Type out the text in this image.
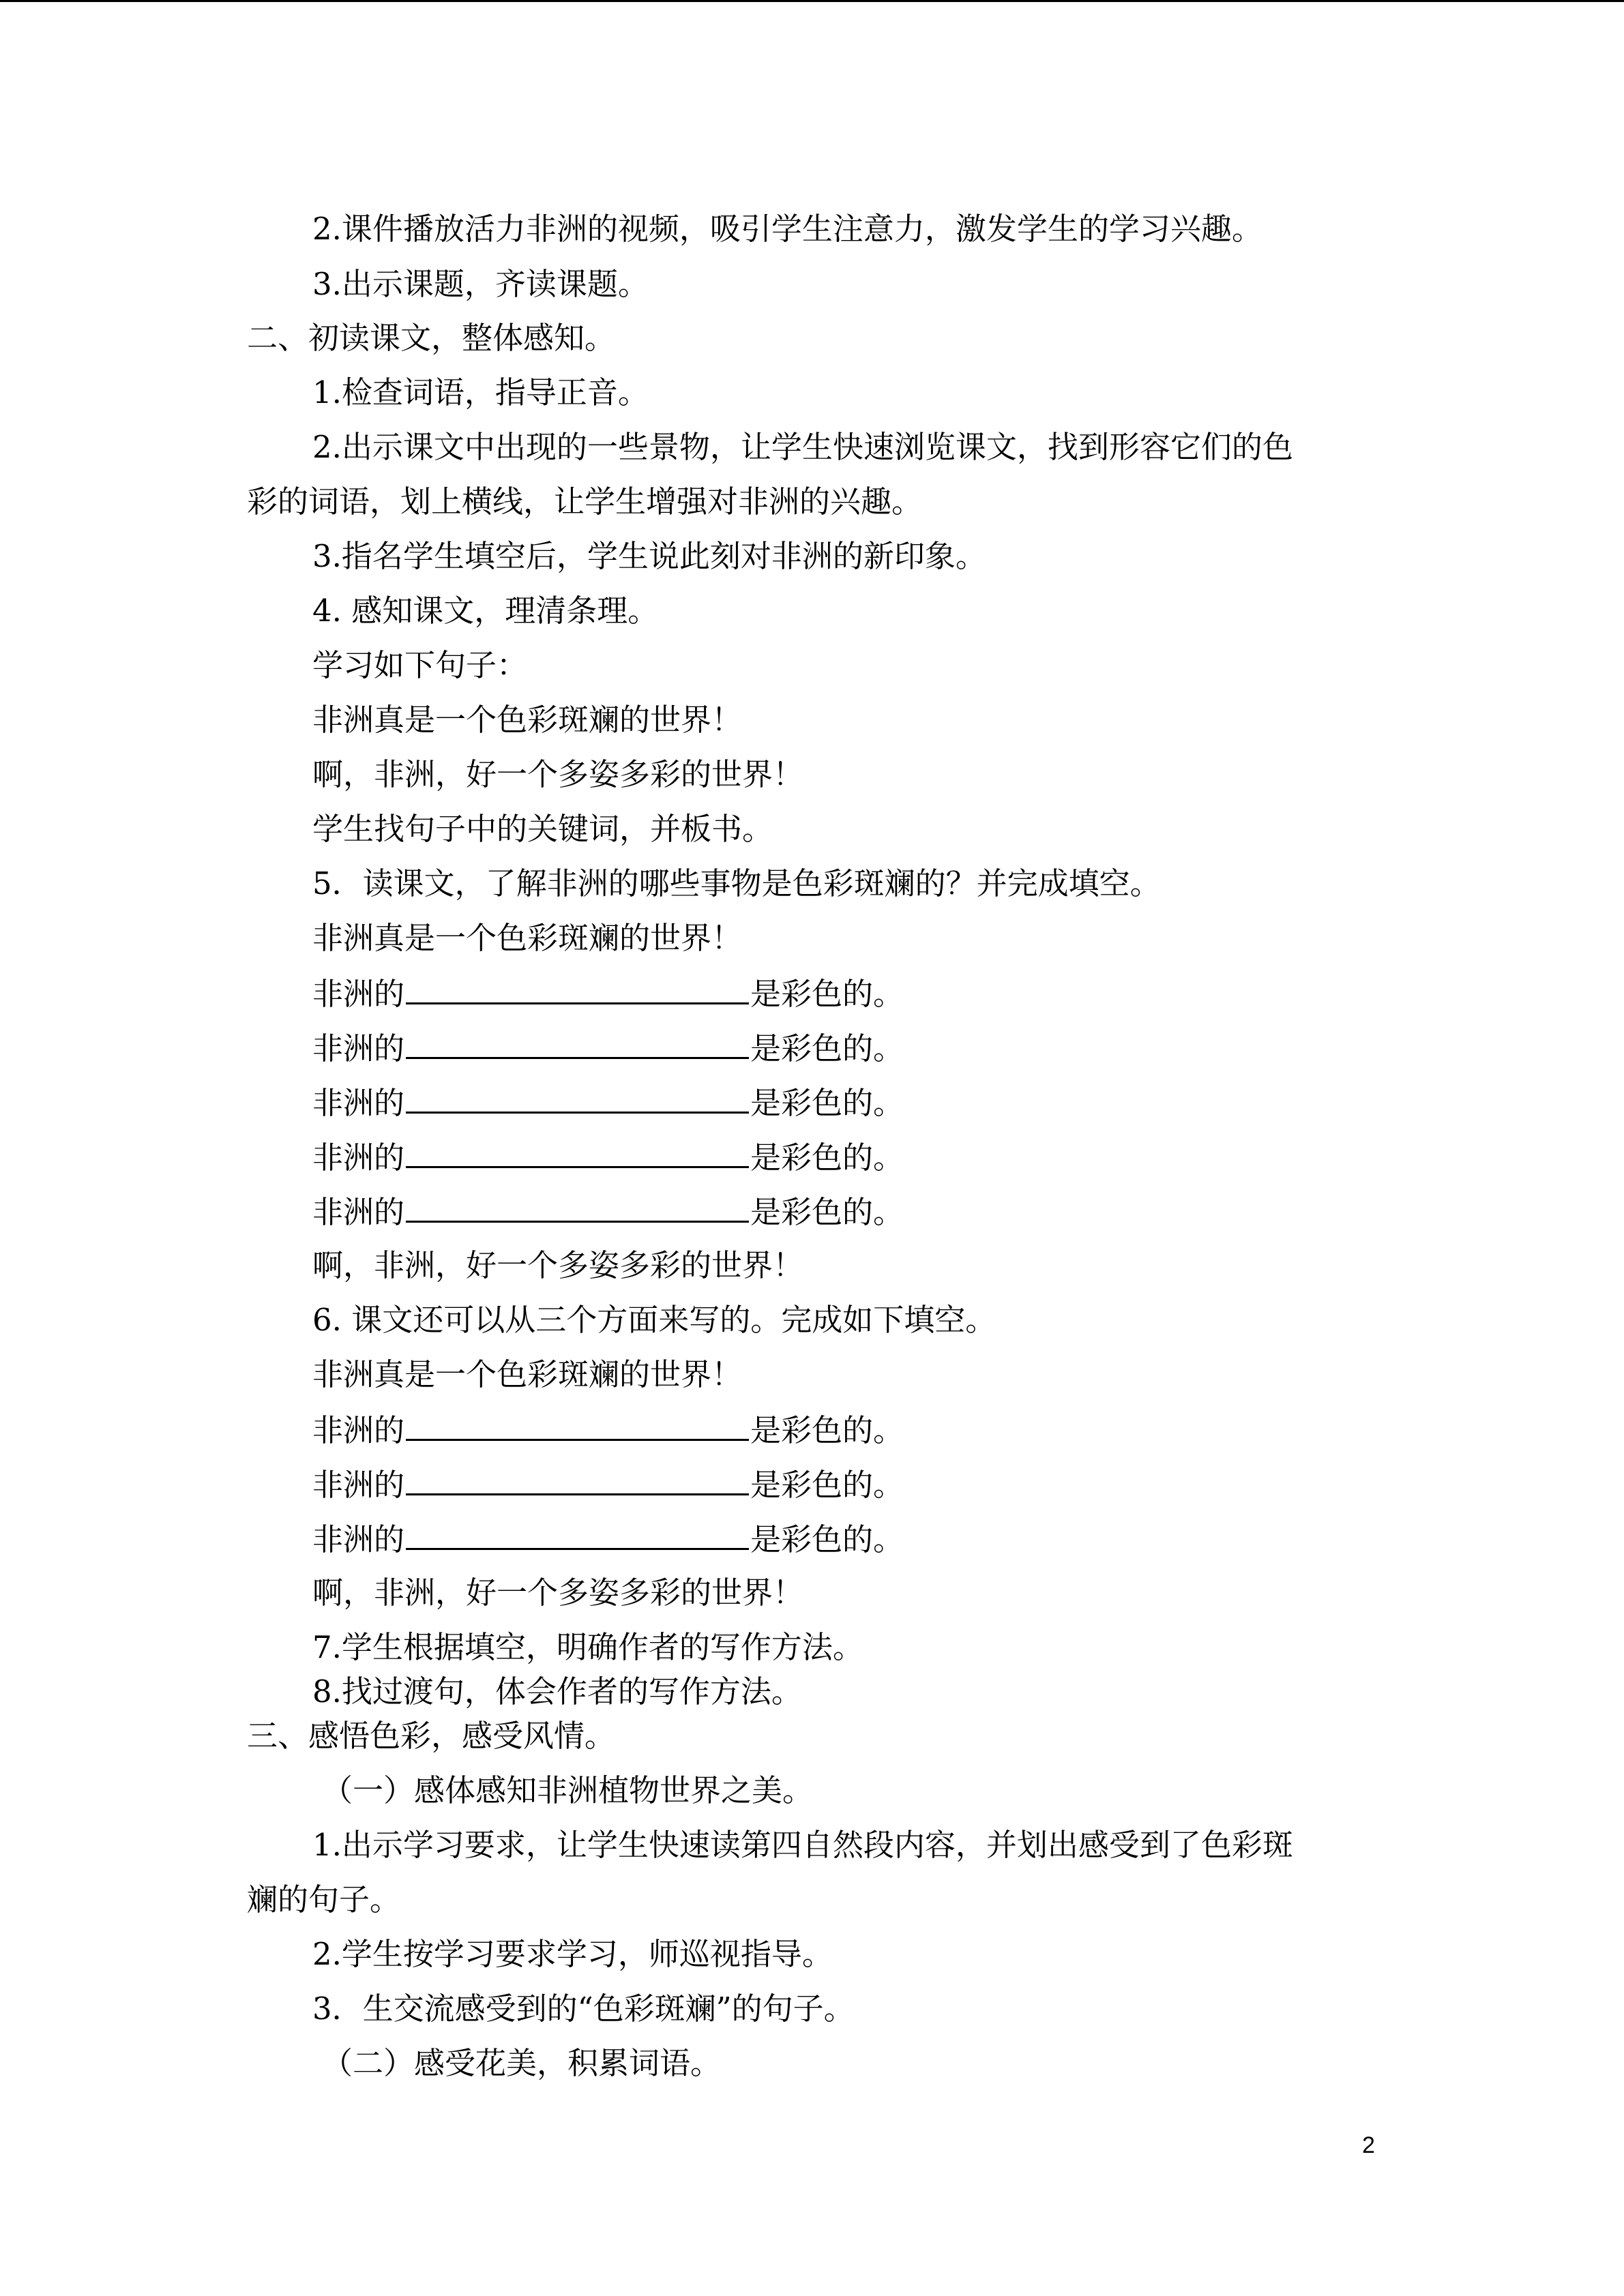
2.课件播放活力非洲的视频，吸引学生注意力，激发学生的学习兴趣。
3.出示课题，齐读课题。
二、初读课文，整体感知。
1.检查词语，指导正音。
2.出示课文中出现的一些景物，让学生快速浏览课文，找到形容它们的色
彩的词语，划上横线，让学生增强对非洲的兴趣。
3.指名学生填空后，学生说此刻对非洲的新印象。
4. 感知课文，理清条理。
学习如下句子：
非洲真是一个色彩斑斓的世界！
啊，非洲，好一个多姿多彩的世界！
学生找句子中的关键词，并板书。
5．读课文，了解非洲的哪些事物是色彩斑斓的？并完成填空。
非洲真是一个色彩斑斓的世界！
非洲的	是彩色的。
非洲的	是彩色的。
非洲的	是彩色的。
非洲的	是彩色的。
非洲的	是彩色的。
啊，非洲，好一个多姿多彩的世界！
6. 课文还可以从三个方面来写的。完成如下填空。
非洲真是一个色彩斑斓的世界！
非洲的	是彩色的。
非洲的	是彩色的。
非洲的	是彩色的。
啊，非洲，好一个多姿多彩的世界！
7.学生根据填空，明确作者的写作方法。
8.找过渡句，体会作者的写作方法。
三、感悟色彩，感受风情。
（一）感体感知非洲植物世界之美。
1.出示学习要求，让学生快速读第四自然段内容，并划出感受到了色彩斑
斓的句子。
2.学生按学习要求学习，师巡视指导。
3．生交流感受到的“色彩斑斓”的句子。
（二）感受花美，积累词语。
2
